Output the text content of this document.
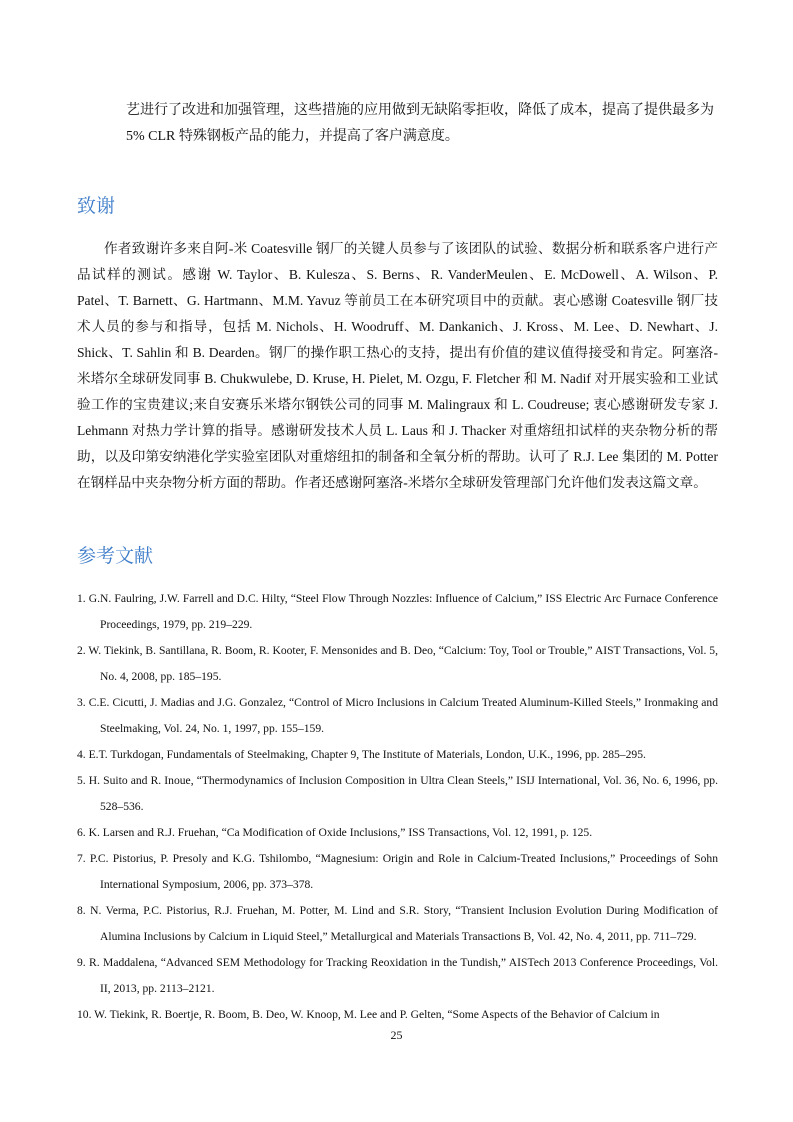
艺进行了改进和加强管理，这些措施的应用做到无缺陷零拒收，降低了成本，提高了提供最多为 5% CLR 特殊钢板产品的能力，并提高了客户满意度。
致谢

作者致谢许多来自阿-米 Coatesville 钢厂的关键人员参与了该团队的试验、数据分析和联系客户进行产品试样的测试。感谢 W. Taylor、B. Kulesza、S. Berns、R. VanderMeulen、E. McDowell、A. Wilson、P. Patel、T. Barnett、G. Hartmann、M.M. Yavuz 等前员工在本研究项目中的贡献。衷心感谢 Coatesville 钢厂技术人员的参与和指导，包括 M. Nichols、H. Woodruff、M. Dankanich、J. Kross、M. Lee、D. Newhart、J. Shick、T. Sahlin 和 B. Dearden。钢厂的操作职工热心的支持，提出有价值的建议值得接受和肯定。阿塞洛-米塔尔全球研发同事 B. Chukwulebe, D. Kruse, H. Pielet, M. Ozgu, F. Fletcher 和 M. Nadif 对开展实验和工业试验工作的宝贵建议;来自安赛乐米塔尔钢铁公司的同事 M. Malingraux 和 L. Coudreuse; 衷心感谢研发专家 J. Lehmann 对热力学计算的指导。感谢研发技术人员 L. Laus 和 J. Thacker 对重熔纽扣试样的夹杂物分析的帮助，以及印第安纳港化学实验室团队对重熔纽扣的制备和全氧分析的帮助。认可了 R.J. Lee 集团的 M. Potter 在钢样品中夹杂物分析方面的帮助。作者还感谢阿塞洛-米塔尔全球研发管理部门允许他们发表这篇文章。

参考文献
1. G.N. Faulring, J.W. Farrell and D.C. Hilty, “Steel Flow Through Nozzles: Influence of Calcium,” ISS Electric Arc Furnace Conference Proceedings, 1979, pp. 219–229.
2. W. Tiekink, B. Santillana, R. Boom, R. Kooter, F. Mensonides and B. Deo, “Calcium: Toy, Tool or Trouble,” AIST Transactions, Vol. 5, No. 4, 2008, pp. 185–195.
3. C.E. Cicutti, J. Madias and J.G. Gonzalez, “Control of Micro Inclusions in Calcium Treated Aluminum-Killed Steels,” Ironmaking and Steelmaking, Vol. 24, No. 1, 1997, pp. 155–159.
4. E.T. Turkdogan, Fundamentals of Steelmaking, Chapter 9, The Institute of Materials, London, U.K., 1996, pp. 285–295.
5. H. Suito and R. Inoue, “Thermodynamics of Inclusion Composition in Ultra Clean Steels,” ISIJ International, Vol. 36, No. 6, 1996, pp. 528–536.
6. K. Larsen and R.J. Fruehan, “Ca Modification of Oxide Inclusions,” ISS Transactions, Vol. 12, 1991, p. 125.
7. P.C. Pistorius, P. Presoly and K.G. Tshilombo, “Magnesium: Origin and Role in Calcium-Treated Inclusions,” Proceedings of Sohn International Symposium, 2006, pp. 373–378.
8. N. Verma, P.C. Pistorius, R.J. Fruehan, M. Potter, M. Lind and S.R. Story, “Transient Inclusion Evolution During Modification of Alumina Inclusions by Calcium in Liquid Steel,” Metallurgical and Materials Transactions B, Vol. 42, No. 4, 2011, pp. 711–729.
9. R. Maddalena, “Advanced SEM Methodology for Tracking Reoxidation in the Tundish,” AISTech 2013 Conference Proceedings, Vol. II, 2013, pp. 2113–2121.
10. W. Tiekink, R. Boertje, R. Boom, B. Deo, W. Knoop, M. Lee and P. Gelten, “Some Aspects of the Behavior of Calcium in
25
